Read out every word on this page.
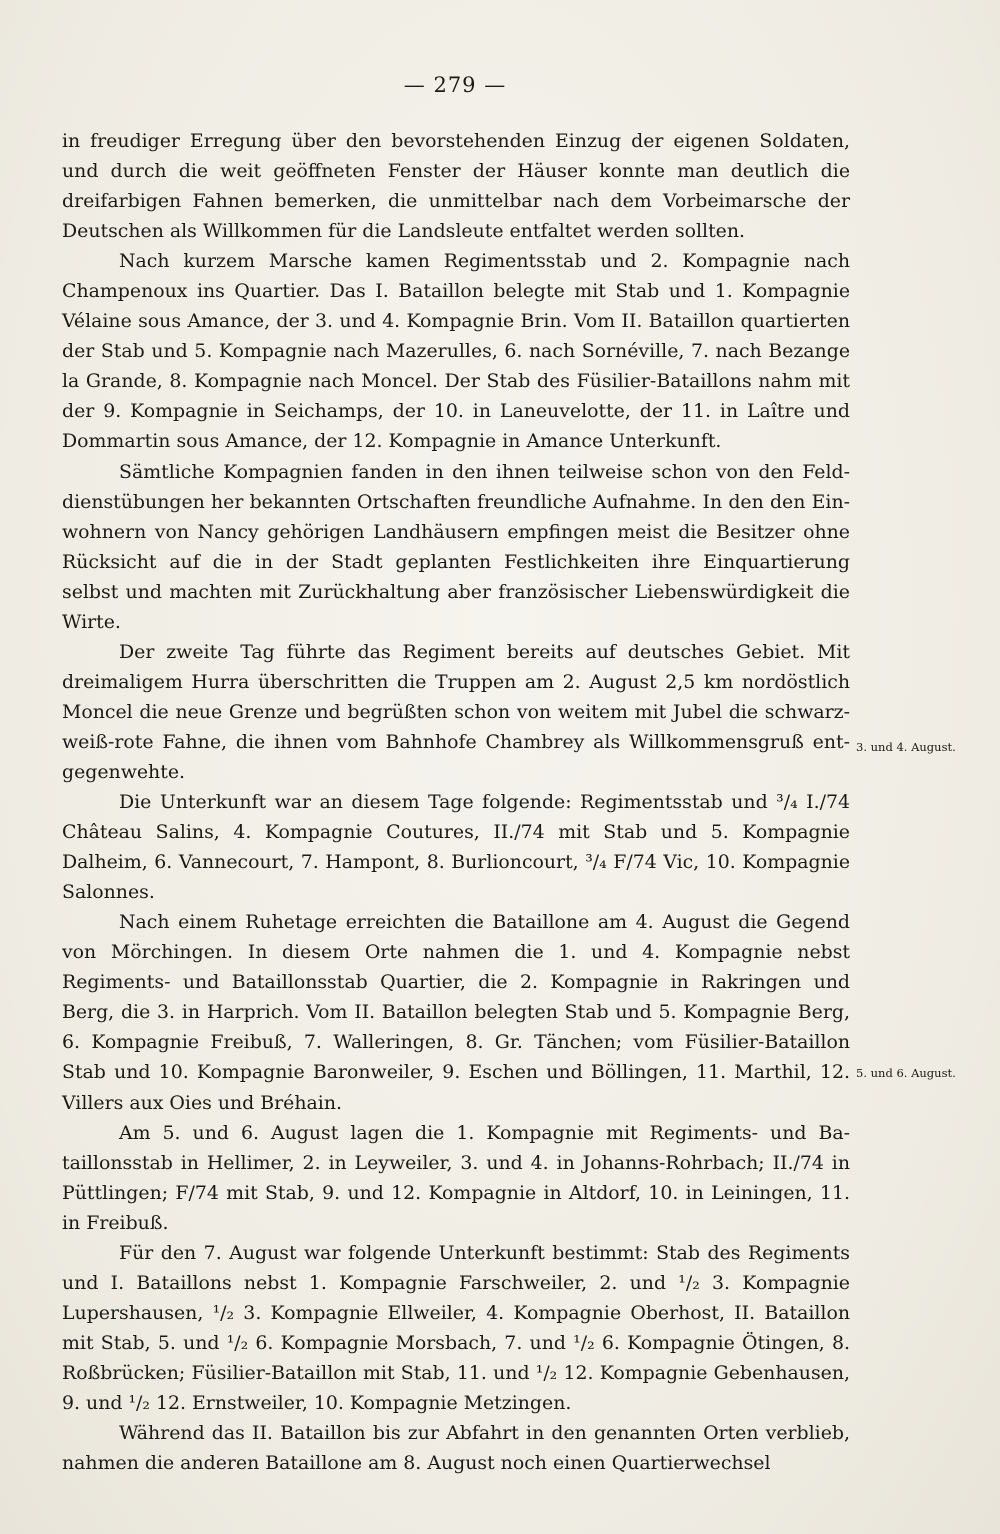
— 279 —

in freudiger Erregung über den bevorstehenden Einzug der eigenen Soldaten, und durch die weit geöffneten Fenster der Häuser konnte man deutlich die dreifarbigen Fahnen bemerken, die unmittelbar nach dem Vorbeimarsche der Deutschen als Willkommen für die Landsleute entfaltet werden sollten.

Nach kurzem Marsche kamen Regimentsstab und 2. Kompagnie nach Champenoux ins Quartier. Das I. Bataillon belegte mit Stab und 1. Kompagnie Vélaine sous Amance, der 3. und 4. Kompagnie Brin. Vom II. Bataillon quartierten der Stab und 5. Kompagnie nach Mazerulles, 6. nach Sornéville, 7. nach Bezange la Grande, 8. Kompagnie nach Moncel. Der Stab des Füsilier-Bataillons nahm mit der 9. Kompagnie in Seichamps, der 10. in Laneuvelotte, der 11. in Laître und Dommartin sous Amance, der 12. Kompagnie in Amance Unterkunft.

Sämtliche Kompagnien fanden in den ihnen teilweise schon von den Felddienstübungen her bekannten Ortschaften freundliche Aufnahme. In den den Einwohnern von Nancy gehörigen Landhäusern empfingen meist die Besitzer ohne Rücksicht auf die in der Stadt geplanten Festlichkeiten ihre Einquartierung selbst und machten mit Zurückhaltung aber französischer Liebenswürdigkeit die Wirte.

Der zweite Tag führte das Regiment bereits auf deutsches Gebiet. Mit dreimaligem Hurra überschritten die Truppen am 2. August 2,5 km nordöstlich Moncel die neue Grenze und begrüßten schon von weitem mit Jubel die schwarz-weiß-rote Fahne, die ihnen vom Bahnhofe Chambrey als Willkommensgruß entgegenwehte.

Die Unterkunft war an diesem Tage folgende: Regimentsstab und ³/₄ I./74 Château Salins, 4. Kompagnie Coutures, II./74 mit Stab und 5. Kompagnie Dalheim, 6. Vannecourt, 7. Hampont, 8. Burlioncourt, ³/₄ F/74 Vic, 10. Kompagnie Salonnes.

Nach einem Ruhetage erreichten die Bataillone am 4. August die Gegend von Mörchingen. In diesem Orte nahmen die 1. und 4. Kompagnie nebst Regiments- und Bataillonsstab Quartier, die 2. Kompagnie in Rakringen und Berg, die 3. in Harprich. Vom II. Bataillon belegten Stab und 5. Kompagnie Berg, 6. Kompagnie Freibuß, 7. Walleringen, 8. Gr. Tänchen; vom Füsilier-Bataillon Stab und 10. Kompagnie Baronweiler, 9. Eschen und Böllingen, 11. Marthil, 12. Villers aux Oies und Bréhain.

Am 5. und 6. August lagen die 1. Kompagnie mit Regiments- und Bataillonsstab in Hellimer, 2. in Leyweiler, 3. und 4. in Johanns-Rohrbach; II./74 in Püttlingen; F/74 mit Stab, 9. und 12. Kompagnie in Altdorf, 10. in Leiningen, 11. in Freibuß.

Für den 7. August war folgende Unterkunft bestimmt: Stab des Regiments und I. Bataillons nebst 1. Kompagnie Farschweiler, 2. und ¹/₂ 3. Kompagnie Lupershausen, ¹/₂ 3. Kompagnie Ellweiler, 4. Kompagnie Oberhost, II. Bataillon mit Stab, 5. und ¹/₂ 6. Kompagnie Morsbach, 7. und ¹/₂ 6. Kompagnie Ötingen, 8. Roßbrücken; Füsilier-Bataillon mit Stab, 11. und ¹/₂ 12. Kompagnie Gebenhausen, 9. und ¹/₂ 12. Ernstweiler, 10. Kompagnie Metzingen.

Während das II. Bataillon bis zur Abfahrt in den genannten Orten verblieb, nahmen die anderen Bataillone am 8. August noch einen Quartierwechsel

3. und 4. August.
5. und 6. August.
